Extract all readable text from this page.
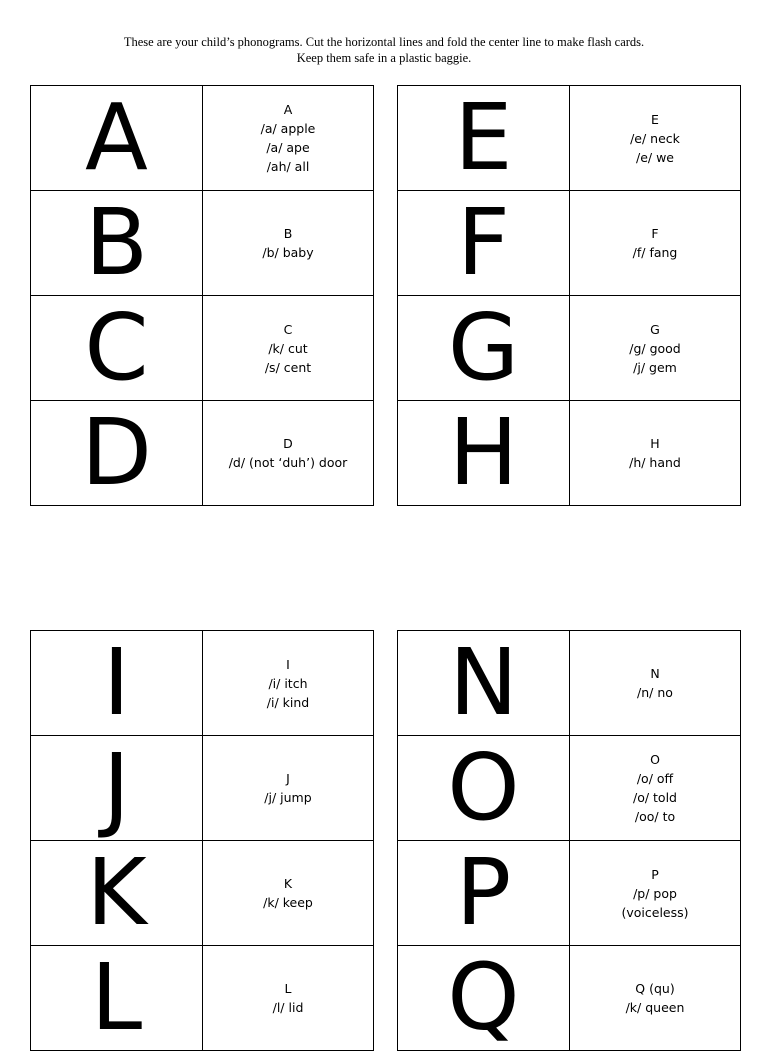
These are your child’s phonograms. Cut the horizontal lines and fold the center line to make flash cards.
Keep them safe in a plastic baggie.
A	A
/a/ apple
/a/ ape
/ah/ all

B	B
/b/ baby

C	C
/k/ cut
/s/ cent

D	D
/d/ (not ‘duh’) door
E	E
/e/ neck
/e/ we

F	F
/f/ fang

G	G
/g/ good
/j/ gem

H	H
/h/ hand
I	I
/i/ itch
/i/ kind

J	J
/j/ jump

K	K
/k/ keep

L	L
/l/ lid
N	N
/n/ no

O	O
/o/ off
/o/ told
/oo/ to

P	P
/p/ pop
(voiceless)

Q	Q (qu)
/k/ queen
